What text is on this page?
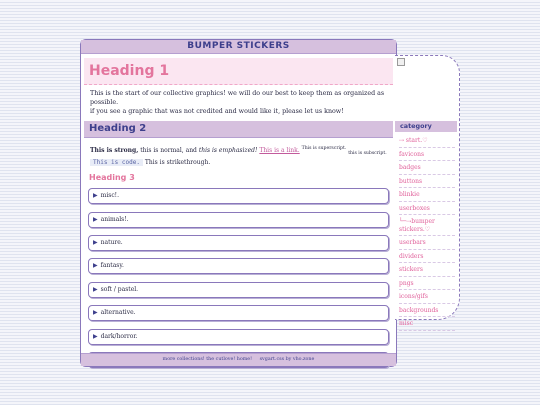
BUMPER STICKERS
Heading 1

This is the start of our collective graphics! we will do our best to keep them as organized as possible.

if you see a graphic that was not credited and would like it, please let us know!

Heading 2
This is strong, this is normal, and this is emphasized! This is a link. $^{This is superscript.}$ $_{this is subscript.}$
This is code. This is strikethrough.
Heading 3
▶ misc!.
▶ animals!.
▶ nature.
▶ fantasy.
▶ soft / pastel.
▶ alternative.
▶ dark/horror.
more collections! the cutlove! home! svgart.css by vho.zone
category
⇢ start.♡
favicons
badges
buttons
blinkie
userboxes
└─⇢bumper stickers.♡
userbars
dividers
stickers
pngs
icons/gifs
backgrounds
misc
